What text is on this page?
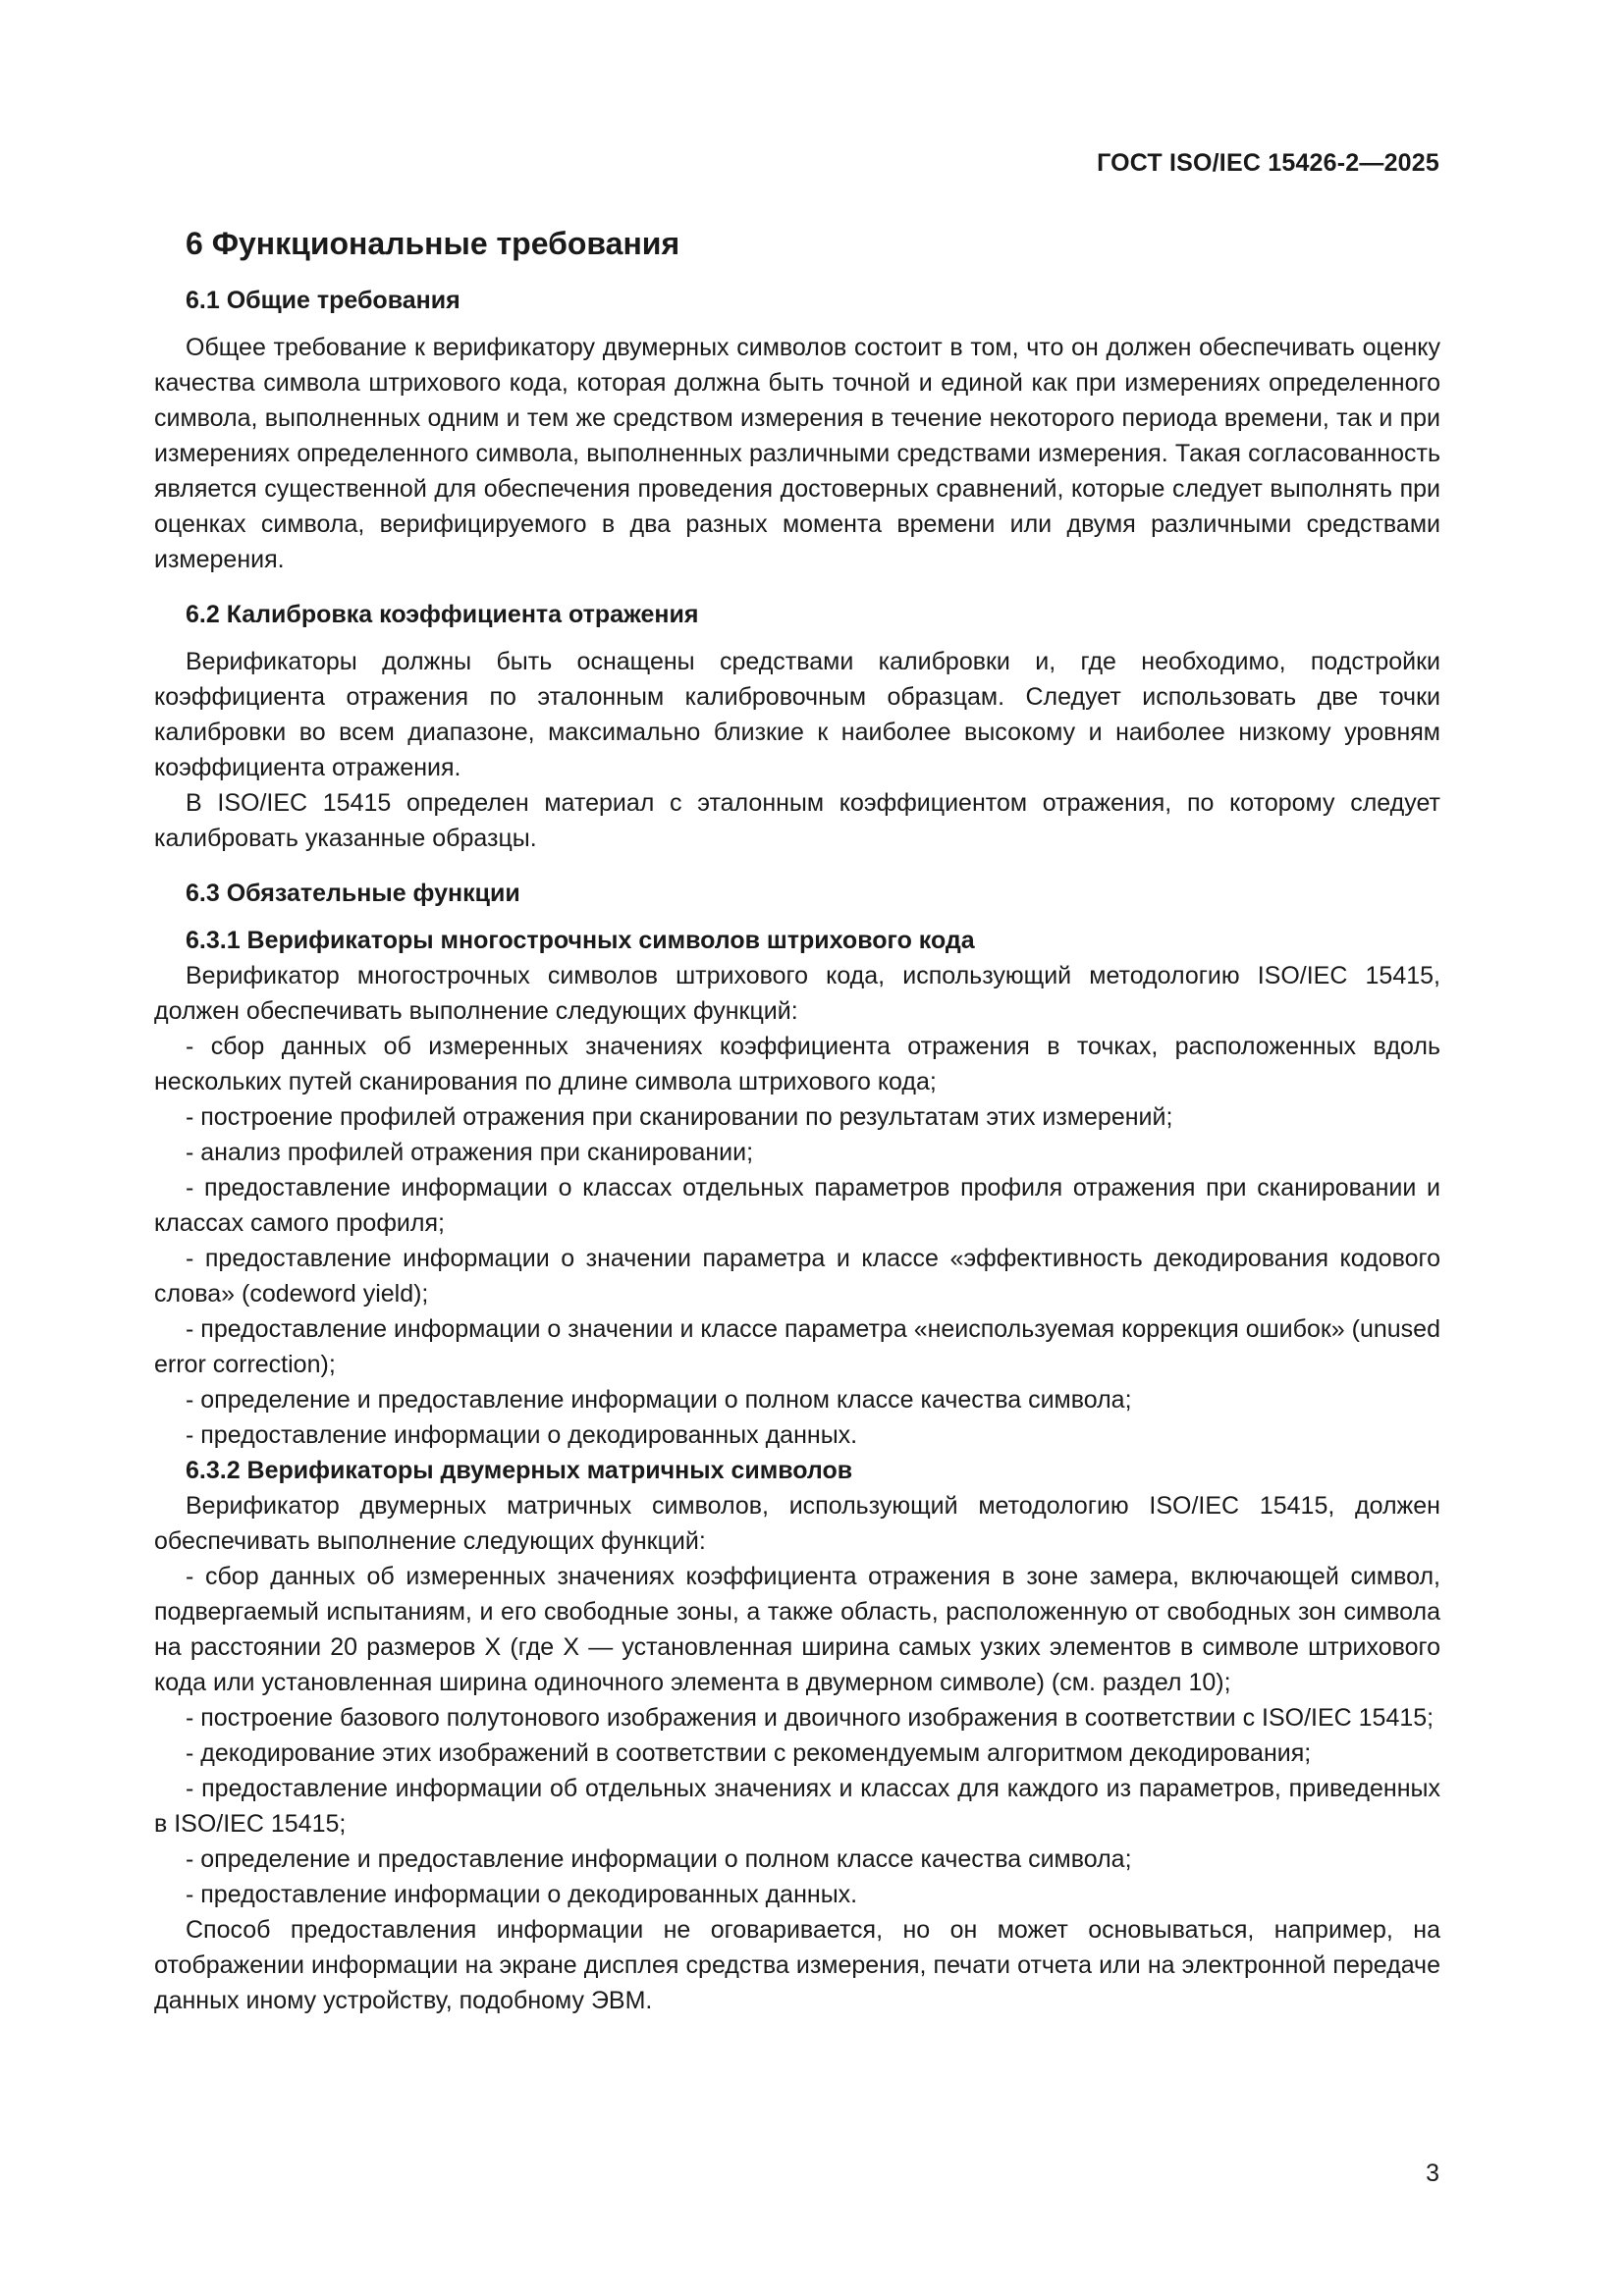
ГОСТ ISO/IEC 15426-2—2025
6 Функциональные требования
6.1 Общие требования

Общее требование к верификатору двумерных символов состоит в том, что он должен обеспечивать оценку качества символа штрихового кода, которая должна быть точной и единой как при измерениях определенного символа, выполненных одним и тем же средством измерения в течение некоторого периода времени, так и при измерениях определенного символа, выполненных различными средствами измерения. Такая согласованность является существенной для обеспечения проведения достоверных сравнений, которые следует выполнять при оценках символа, верифицируемого в два разных момента времени или двумя различными средствами измерения.

6.2 Калибровка коэффициента отражения

Верификаторы должны быть оснащены средствами калибровки и, где необходимо, подстройки коэффициента отражения по эталонным калибровочным образцам. Следует использовать две точки калибровки во всем диапазоне, максимально близкие к наиболее высокому и наиболее низкому уровням коэффициента отражения.

В ISO/IEC 15415 определен материал с эталонным коэффициентом отражения, по которому следует калибровать указанные образцы.

6.3 Обязательные функции
6.3.1 Верификаторы многострочных символов штрихового кода

Верификатор многострочных символов штрихового кода, использующий методологию ISO/IEC 15415, должен обеспечивать выполнение следующих функций:

- сбор данных об измеренных значениях коэффициента отражения в точках, расположенных вдоль нескольких путей сканирования по длине символа штрихового кода;

- построение профилей отражения при сканировании по результатам этих измерений;

- анализ профилей отражения при сканировании;

- предоставление информации о классах отдельных параметров профиля отражения при сканировании и классах самого профиля;

- предоставление информации о значении параметра и классе «эффективность декодирования кодового слова» (codeword yield);

- предоставление информации о значении и классе параметра «неиспользуемая коррекция ошибок» (unused error correction);

- определение и предоставление информации о полном классе качества символа;

- предоставление информации о декодированных данных.

6.3.2 Верификаторы двумерных матричных символов

Верификатор двумерных матричных символов, использующий методологию ISO/IEC 15415, должен обеспечивать выполнение следующих функций:

- сбор данных об измеренных значениях коэффициента отражения в зоне замера, включающей символ, подвергаемый испытаниям, и его свободные зоны, а также область, расположенную от свободных зон символа на расстоянии 20 размеров X (где X — установленная ширина самых узких элементов в символе штрихового кода или установленная ширина одиночного элемента в двумерном символе) (см. раздел 10);

- построение базового полутонового изображения и двоичного изображения в соответствии с ISO/IEC 15415;

- декодирование этих изображений в соответствии с рекомендуемым алгоритмом декодирования;

- предоставление информации об отдельных значениях и классах для каждого из параметров, приведенных в ISO/IEC 15415;

- определение и предоставление информации о полном классе качества символа;

- предоставление информации о декодированных данных.

Способ предоставления информации не оговаривается, но он может основываться, например, на отображении информации на экране дисплея средства измерения, печати отчета или на электронной передаче данных иному устройству, подобному ЭВМ.

3
